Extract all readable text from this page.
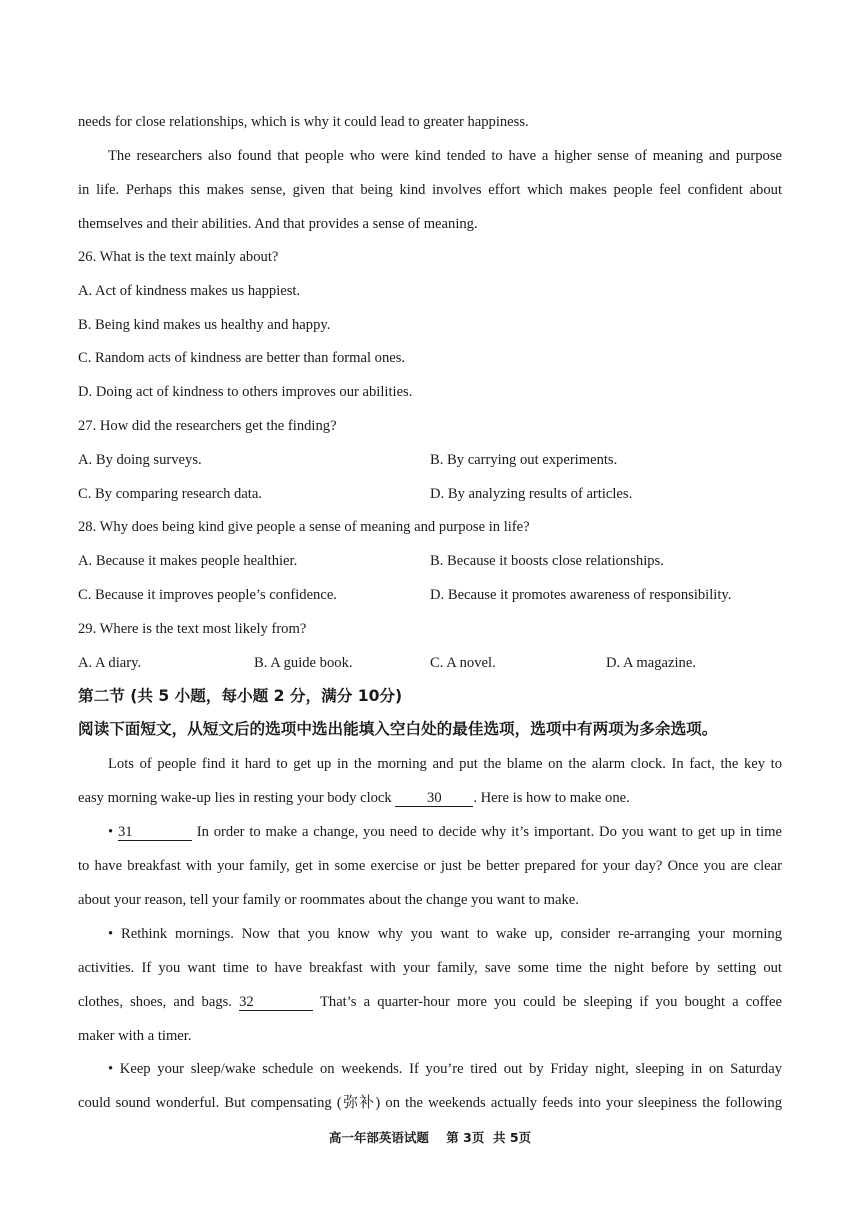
needs for close relationships, which is why it could lead to greater happiness.
The researchers also found that people who were kind tended to have a higher sense of meaning and purpose
in life. Perhaps this makes sense, given that being kind involves effort which makes people feel confident about
themselves and their abilities. And that provides a sense of meaning.
26. What is the text mainly about?
A. Act of kindness makes us happiest.
B. Being kind makes us healthy and happy.
C. Random acts of kindness are better than formal ones.
D. Doing act of kindness to others improves our abilities.
27. How did the researchers get the finding?
A. By doing surveys.	B. By carrying out experiments.
C. By comparing research data.	D. By analyzing results of articles.
28. Why does being kind give people a sense of meaning and purpose in life?
A. Because it makes people healthier.	B. Because it boosts close relationships.
C. Because it improves people’s confidence.	D. Because it promotes awareness of responsibility.
29. Where is the text most likely from?
A. A diary.	B. A guide book.	C. A novel.	D. A magazine.
第二节 (共 5 小题，每小题 2 分，满分 10分)
阅读下面短文，从短文后的选项中选出能填入空白处的最佳选项，选项中有两项为多余选项。
Lots of people find it hard to get up in the morning and put the blame on the alarm clock. In fact, the key to
easy morning wake-up lies in resting your body clock 30 . Here is how to make one.
• 31	In order to make a change, you need to decide why it’s important. Do you want to get up in time
to have breakfast with your family, get in some exercise or just be better prepared for your day? Once you are clear
about your reason, tell your family or roommates about the change you want to make.
• Rethink mornings. Now that you know why you want to wake up, consider re-arranging your morning
activities. If you want time to have breakfast with your family, save some time the night before by setting out
clothes, shoes, and bags. 32	That’s a quarter-hour more you could be sleeping if you bought a coffee
maker with a timer.
• Keep your sleep/wake schedule on weekends. If you’re tired out by Friday night, sleeping in on Saturday
could sound wonderful. But compensating (弥补) on the weekends actually feeds into your sleepiness the following
高一年部英语试题    第 3页  共 5页
